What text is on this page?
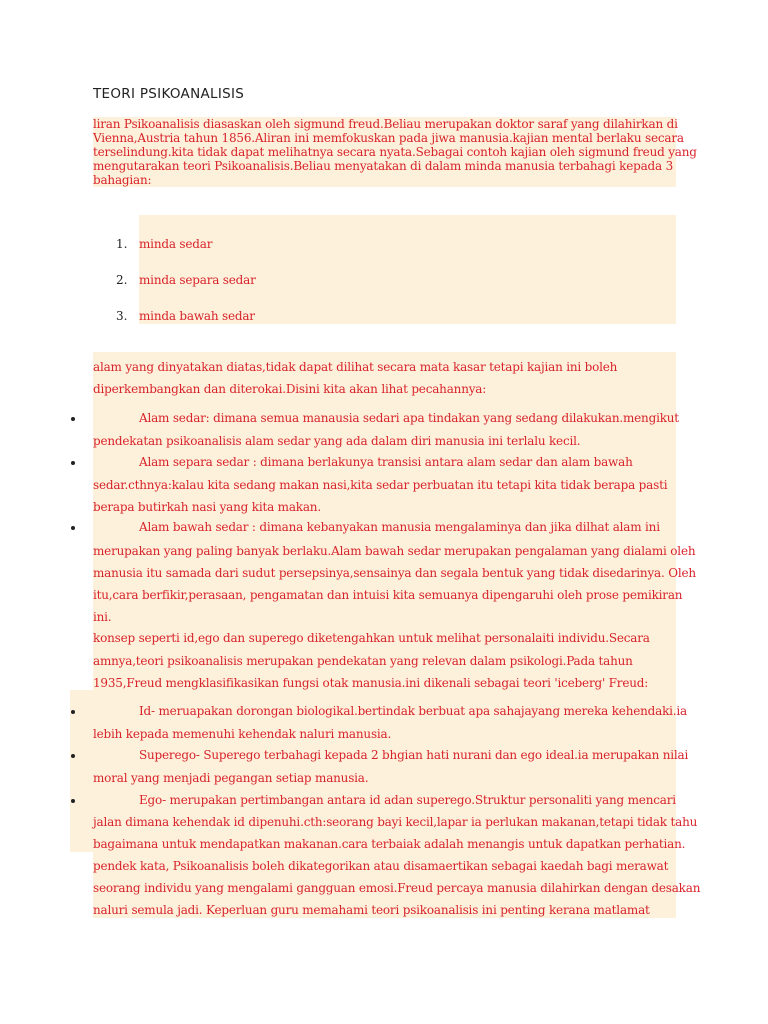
TEORI PSIKOANALISIS
liran Psikoanalisis diasaskan oleh sigmund freud.Beliau merupakan doktor saraf yang dilahirkan di
Vienna,Austria tahun 1856.Aliran ini memfokuskan pada jiwa manusia.kajian mental berlaku secara
terselindung.kita tidak dapat melihatnya secara nyata.Sebagai contoh kajian oleh sigmund freud yang
mengutarakan teori Psikoanalisis.Beliau menyatakan di dalam minda manusia terbahagi kepada 3
bahagian:
1. minda sedar
2. minda separa sedar
3. minda bawah sedar
alam yang dinyatakan diatas,tidak dapat dilihat secara mata kasar tetapi kajian ini boleh
diperkembangkan dan diterokai.Disini kita akan lihat pecahannya:
Alam sedar: dimana semua manausia sedari apa tindakan yang sedang dilakukan.mengikut
pendekatan psikoanalisis alam sedar yang ada dalam diri manusia ini terlalu kecil.
Alam separa sedar : dimana berlakunya transisi antara alam sedar dan alam bawah
sedar.cthnya:kalau kita sedang makan nasi,kita sedar perbuatan itu tetapi kita tidak berapa pasti
berapa butirkah nasi yang kita makan.
Alam bawah sedar : dimana kebanyakan manusia mengalaminya dan jika dilhat alam ini
merupakan yang paling banyak berlaku.Alam bawah sedar merupakan pengalaman yang dialami oleh
manusia itu samada dari sudut persepsinya,sensainya dan segala bentuk yang tidak disedarinya. Oleh
itu,cara berfikir,perasaan, pengamatan dan intuisi kita semuanya dipengaruhi oleh prose pemikiran
ini.
konsep seperti id,ego dan superego diketengahkan untuk melihat personalaiti individu.Secara
amnya,teori psikoanalisis merupakan pendekatan yang relevan dalam psikologi.Pada tahun
1935,Freud mengklasifikasikan fungsi otak manusia.ini dikenali sebagai teori 'iceberg' Freud:
Id- meruapakan dorongan biologikal.bertindak berbuat apa sahajayang mereka kehendaki.ia
lebih kepada memenuhi kehendak naluri manusia.
Superego- Superego terbahagi kepada 2 bhgian hati nurani dan ego ideal.ia merupakan nilai
moral yang menjadi pegangan setiap manusia.
Ego- merupakan pertimbangan antara id adan superego.Struktur personaliti yang mencari
jalan dimana kehendak id dipenuhi.cth:seorang bayi kecil,lapar ia perlukan makanan,tetapi tidak tahu
bagaimana untuk mendapatkan makanan.cara terbaiak adalah menangis untuk dapatkan perhatian.
pendek kata, Psikoanalisis boleh dikategorikan atau disamaertikan sebagai kaedah bagi merawat
seorang individu yang mengalami gangguan emosi.Freud percaya manusia dilahirkan dengan desakan
naluri semula jadi. Keperluan guru memahami teori psikoanalisis ini penting kerana matlamat
